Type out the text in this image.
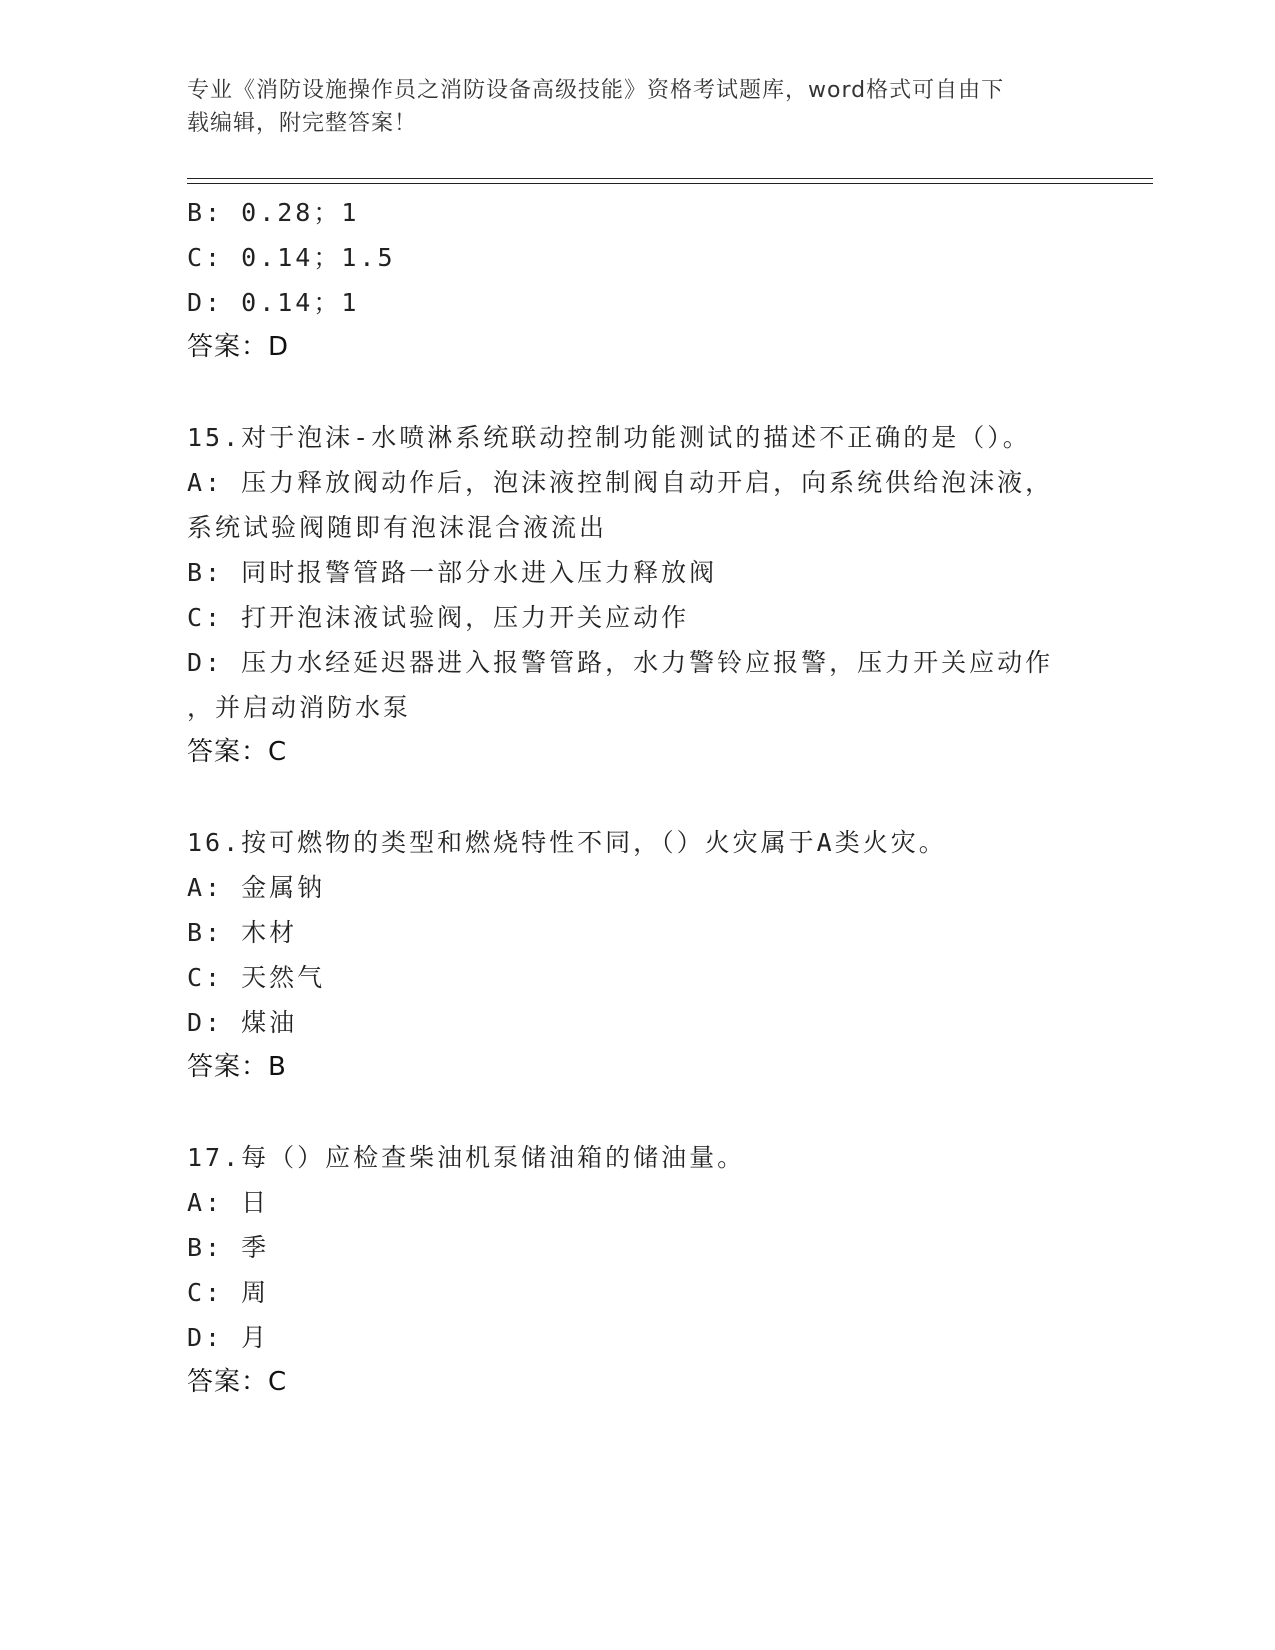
专业《消防设施操作员之消防设备高级技能》资格考试题库，word格式可自由下
载编辑，附完整答案！
B: 0.28；1
C: 0.14；1.5
D: 0.14；1
答案：D
15.对于泡沫-水喷淋系统联动控制功能测试的描述不正确的是（）。
A: 压力释放阀动作后，泡沫液控制阀自动开启，向系统供给泡沫液，
系统试验阀随即有泡沫混合液流出
B: 同时报警管路一部分水进入压力释放阀
C: 打开泡沫液试验阀，压力开关应动作
D: 压力水经延迟器进入报警管路，水力警铃应报警，压力开关应动作
，并启动消防水泵
答案：C
16.按可燃物的类型和燃烧特性不同，（）火灾属于A类火灾。
A: 金属钠
B: 木材
C: 天然气
D: 煤油
答案：B
17.每（）应检查柴油机泵储油箱的储油量。
A: 日
B: 季
C: 周
D: 月
答案：C
